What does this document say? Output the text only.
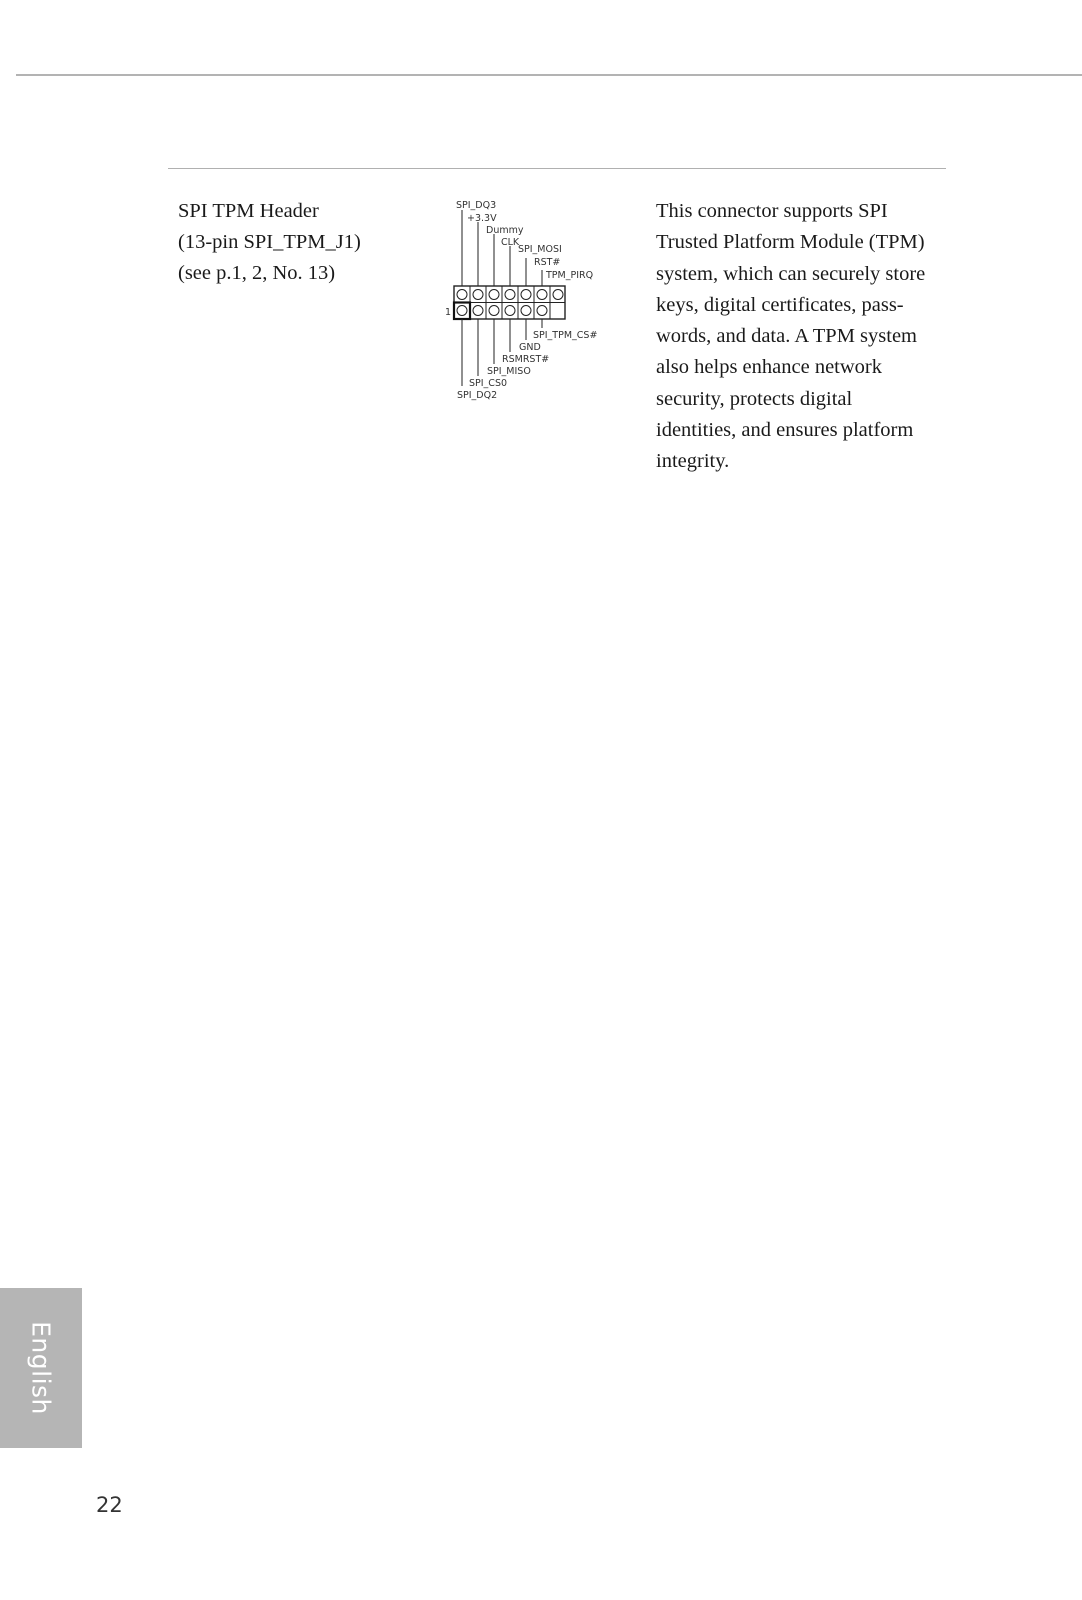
SPI TPM Header
(13-pin SPI_TPM_J1)
(see p.1, 2, No. 13)
1
SPI_DQ3
+3.3V
Dummy
CLK
SPI_MOSI
RST#
TPM_PIRQ
SPI_TPM_CS#
GND
RSMRST#
SPI_MISO
SPI_CS0
SPI_DQ2
This connector supports SPI
Trusted Platform Module (TPM)
system, which can securely store
keys, digital certificates, pass-
words, and data. A TPM system
also helps enhance network
security, protects digital
identities, and ensures platform
integrity.
English
22
